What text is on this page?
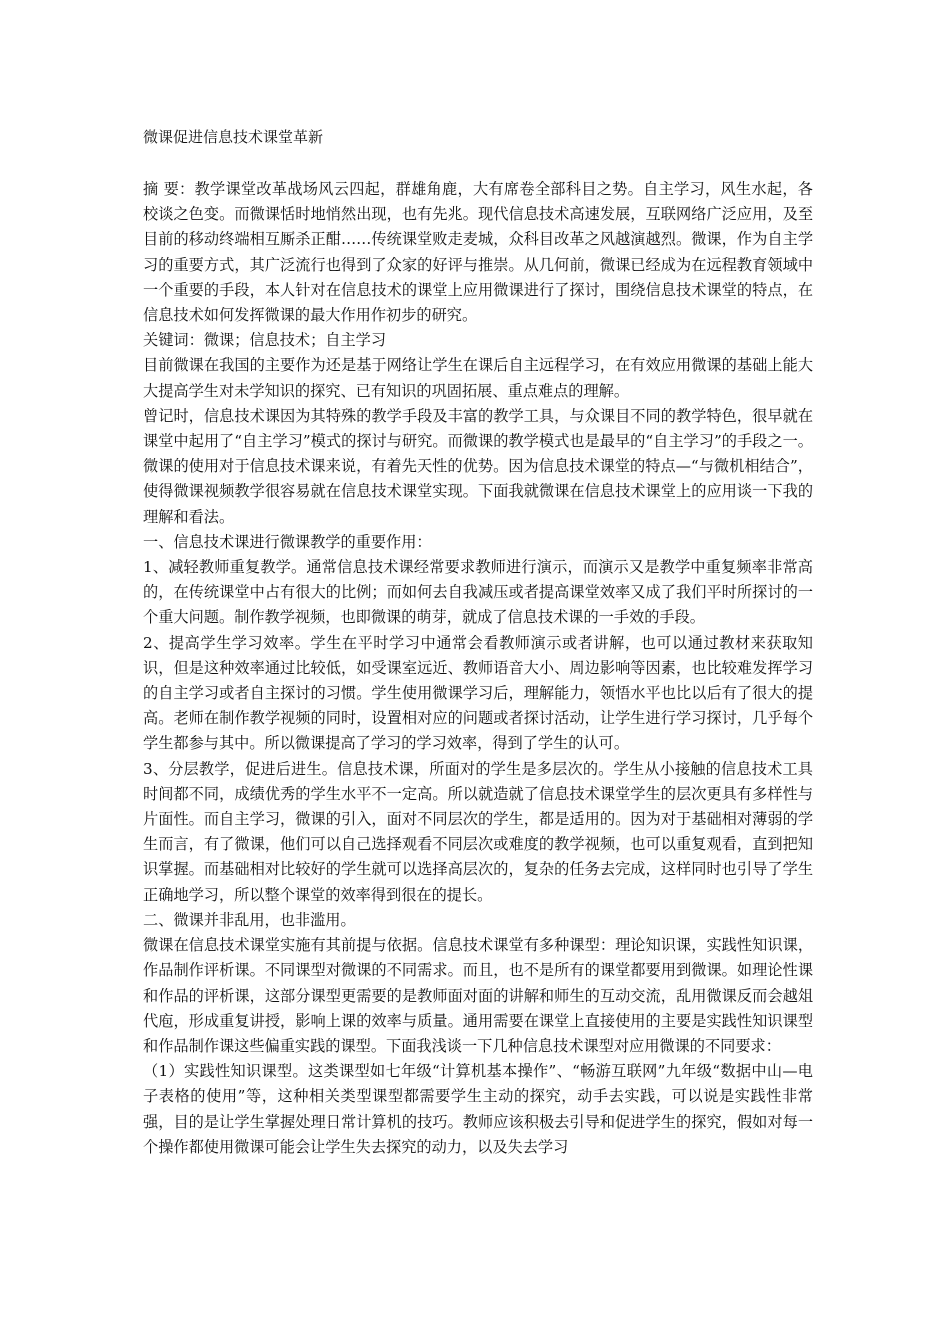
微课促进信息技术课堂革新

摘 要：教学课堂改革战场风云四起，群雄角鹿，大有席卷全部科目之势。自主学习，风生水起，各校谈之色变。而微课恬时地悄然出现，也有先兆。现代信息技术高速发展，互联网络广泛应用，及至目前的移动终端相互厮杀正酣……传统课堂败走麦城，众科目改革之风越演越烈。微课，作为自主学习的重要方式，其广泛流行也得到了众家的好评与推崇。从几何前，微课已经成为在远程教育领域中一个重要的手段，本人针对在信息技术的课堂上应用微课进行了探讨，围绕信息技术课堂的特点，在信息技术如何发挥微课的最大作用作初步的研究。

关键词：微课；信息技术；自主学习

目前微课在我国的主要作为还是基于网络让学生在课后自主远程学习，在有效应用微课的基础上能大大提高学生对未学知识的探究、已有知识的巩固拓展、重点难点的理解。

曾记时，信息技术课因为其特殊的教学手段及丰富的教学工具，与众课目不同的教学特色，很早就在课堂中起用了“自主学习”模式的探讨与研究。而微课的教学模式也是最早的“自主学习”的手段之一。微课的使用对于信息技术课来说，有着先天性的优势。因为信息技术课堂的特点—“与微机相结合”，使得微课视频教学很容易就在信息技术课堂实现。下面我就微课在信息技术课堂上的应用谈一下我的理解和看法。

一、信息技术课进行微课教学的重要作用：

1、减轻教师重复教学。通常信息技术课经常要求教师进行演示，而演示又是教学中重复频率非常高的，在传统课堂中占有很大的比例；而如何去自我减压或者提高课堂效率又成了我们平时所探讨的一个重大问题。制作教学视频，也即微课的萌芽，就成了信息技术课的一手效的手段。

2、提高学生学习效率。学生在平时学习中通常会看教师演示或者讲解，也可以通过教材来获取知识，但是这种效率通过比较低，如受课室远近、教师语音大小、周边影响等因素，也比较难发挥学习的自主学习或者自主探讨的习惯。学生使用微课学习后，理解能力，领悟水平也比以后有了很大的提高。老师在制作教学视频的同时，设置相对应的问题或者探讨活动，让学生进行学习探讨，几乎每个学生都参与其中。所以微课提高了学习的学习效率，得到了学生的认可。

3、分层教学，促进后进生。信息技术课，所面对的学生是多层次的。学生从小接触的信息技术工具时间都不同，成绩优秀的学生水平不一定高。所以就造就了信息技术课堂学生的层次更具有多样性与片面性。而自主学习，微课的引入，面对不同层次的学生，都是适用的。因为对于基础相对薄弱的学生而言，有了微课，他们可以自己选择观看不同层次或难度的教学视频，也可以重复观看，直到把知识掌握。而基础相对比较好的学生就可以选择高层次的，复杂的任务去完成，这样同时也引导了学生正确地学习，所以整个课堂的效率得到很在的提长。

二、微课并非乱用，也非滥用。

微课在信息技术课堂实施有其前提与依据。信息技术课堂有多种课型：理论知识课，实践性知识课，作品制作评析课。不同课型对微课的不同需求。而且，也不是所有的课堂都要用到微课。如理论性课和作品的评析课，这部分课型更需要的是教师面对面的讲解和师生的互动交流，乱用微课反而会越俎代庖，形成重复讲授，影响上课的效率与质量。通用需要在课堂上直接使用的主要是实践性知识课型和作品制作课这些偏重实践的课型。下面我浅谈一下几种信息技术课型对应用微课的不同要求：

（1）实践性知识课型。这类课型如七年级“计算机基本操作”、“畅游互联网”九年级“数据中山—电子表格的使用”等，这种相关类型课型都需要学生主动的探究，动手去实践，可以说是实践性非常强，目的是让学生掌握处理日常计算机的技巧。教师应该积极去引导和促进学生的探究，假如对每一个操作都使用微课可能会让学生失去探究的动力，以及失去学习
